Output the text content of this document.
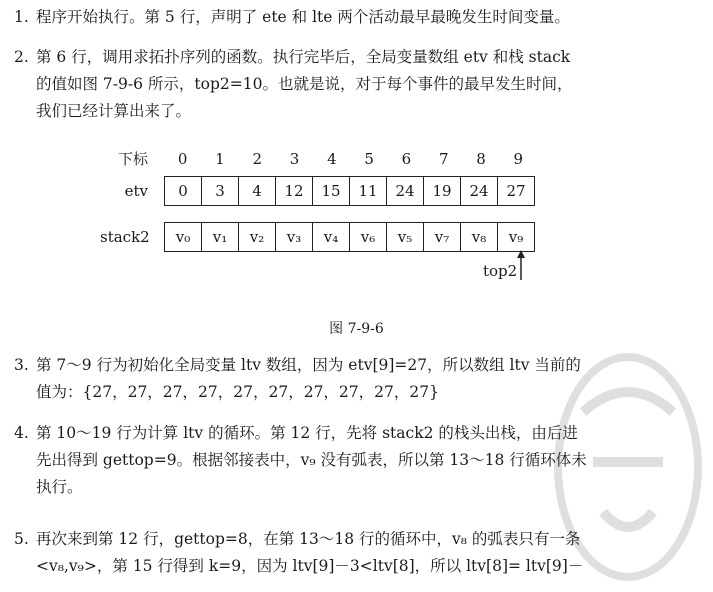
1. 程序开始执行。第 5 行，声明了 ete 和 lte 两个活动最早最晚发生时间变量。
2. 第 6 行，调用求拓扑序列的函数。执行完毕后，全局变量数组 etv 和栈 stack
的值如图 7-9-6 所示，top2=10。也就是说，对于每个事件的最早发生时间，
我们已经计算出来了。
下标	0	1	2	3	4	5	6	7	8	9
etv	0	3	4	12	15	11	24	19	24	27
stack2	v₀	v₁	v₂	v₃	v₄	v₆	v₅	v₇	v₈	v₉
top2
图 7-9-6
3. 第 7～9 行为初始化全局变量 ltv 数组，因为 etv[9]=27，所以数组 ltv 当前的
值为：{27，27，27，27，27，27，27，27，27，27}
4. 第 10～19 行为计算 ltv 的循环。第 12 行，先将 stack2 的栈头出栈，由后进
先出得到 gettop=9。根据邻接表中，v₉ 没有弧表，所以第 13～18 行循环体未
执行。
5. 再次来到第 12 行，gettop=8，在第 13～18 行的循环中，v₈ 的弧表只有一条
<v₈,v₉>，第 15 行得到 k=9，因为 ltv[9]－3<ltv[8]，所以 ltv[8]= ltv[9]－
